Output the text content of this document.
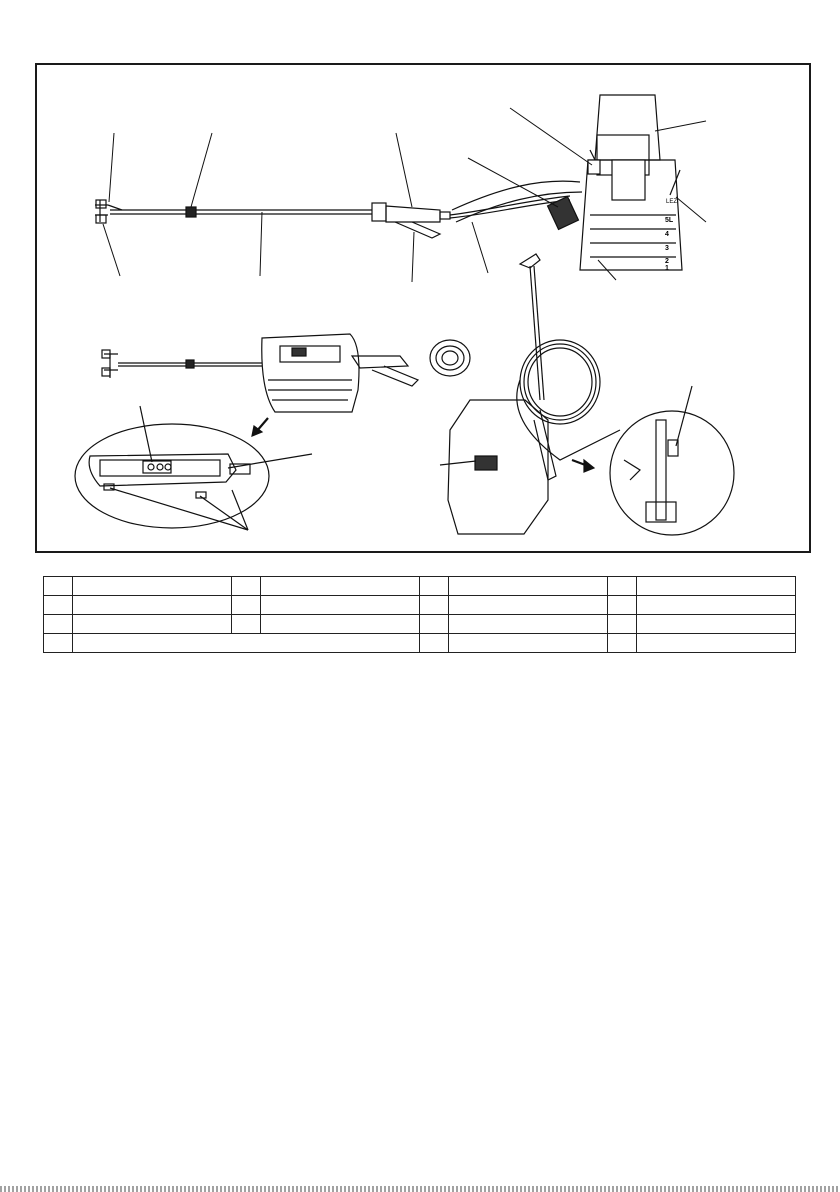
LEZ
5L
4
3
2
1
